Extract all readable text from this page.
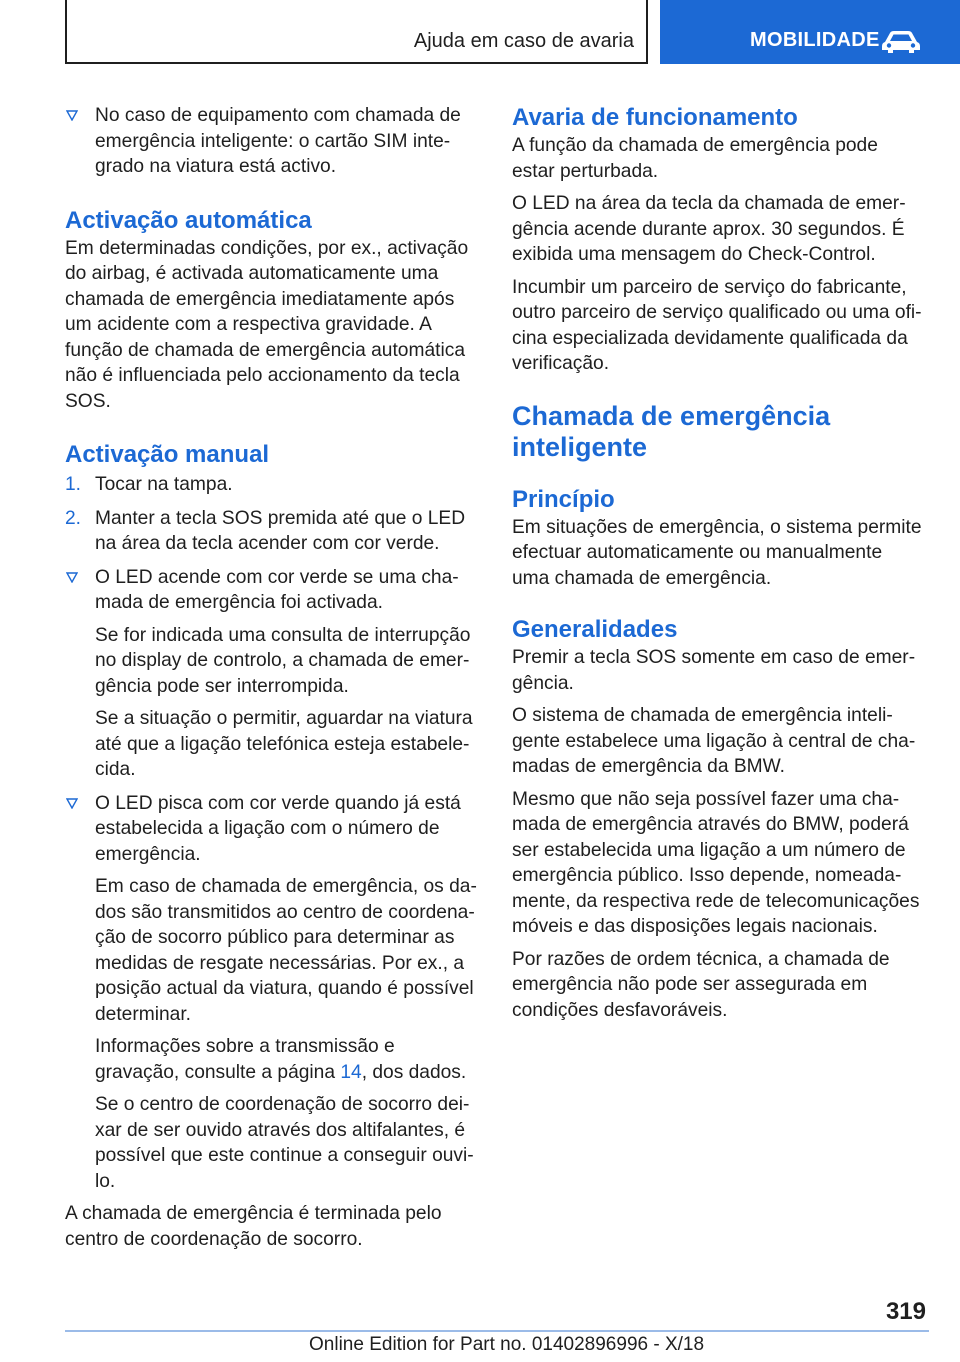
Ajuda em caso de avaria	MOBILIDADE

No caso de equipamento com chamada de emergência inteligente: o cartão SIM integrado na viatura está activo.

Activação automática

Em determinadas condições, por ex., activação do airbag, é activada automaticamente uma chamada de emergência imediatamente após um acidente com a respectiva gravidade. A função de chamada de emergência automática não é influenciada pelo accionamento da tecla SOS.

Activação manual
1. Tocar na tampa.

2. Manter a tecla SOS premida até que o LED na área da tecla acender com cor verde.

O LED acende com cor verde se uma chamada de emergência foi activada.

Se for indicada uma consulta de interrupção no display de controlo, a chamada de emergência pode ser interrompida.

Se a situação o permitir, aguardar na viatura até que a ligação telefónica esteja estabelecida.

O LED pisca com cor verde quando já está estabelecida a ligação com o número de emergência.

Em caso de chamada de emergência, os dados são transmitidos ao centro de coordenação de socorro público para determinar as medidas de resgate necessárias. Por ex., a posição actual da viatura, quando é possível determinar.

Informações sobre a transmissão e gravação, consulte a página 14, dos dados.

Se o centro de coordenação de socorro deixar de ser ouvido através dos altifalantes, é possível que este continue a conseguir ouvi-lo.

A chamada de emergência é terminada pelo centro de coordenação de socorro.

Avaria de funcionamento

A função da chamada de emergência pode estar perturbada.

O LED na área da tecla da chamada de emergência acende durante aprox. 30 segundos. É exibida uma mensagem do Check-Control.

Incumbir um parceiro de serviço do fabricante, outro parceiro de serviço qualificado ou uma oficina especializada devidamente qualificada da verificação.

Chamada de emergência inteligente
Princípio

Em situações de emergência, o sistema permite efectuar automaticamente ou manualmente uma chamada de emergência.

Generalidades

Premir a tecla SOS somente em caso de emergência.

O sistema de chamada de emergência inteligente estabelece uma ligação à central de chamadas de emergência da BMW.

Mesmo que não seja possível fazer uma chamada de emergência através do BMW, poderá ser estabelecida uma ligação a um número de emergência público. Isso depende, nomeadamente, da respectiva rede de telecomunicações móveis e das disposições legais nacionais.

Por razões de ordem técnica, a chamada de emergência não pode ser assegurada em condições desfavoráveis.

319
Online Edition for Part no. 01402896996 - X/18
